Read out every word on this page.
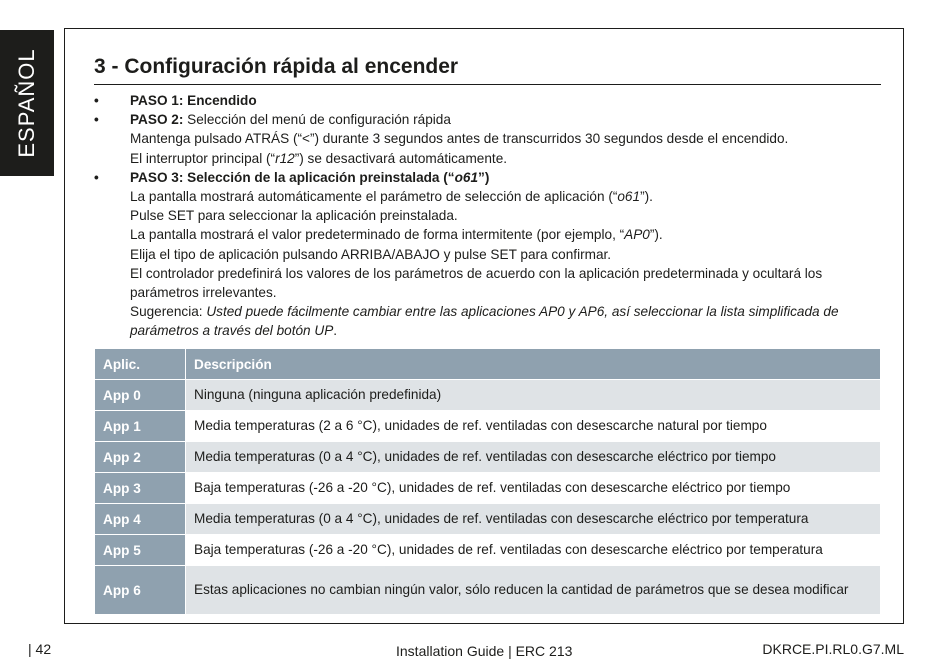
ESPAÑOL	3 - Configuración rápida al encender
• PASO 1: Encendido
• PASO 2: Selección del menú de configuración rápida
Mantenga pulsado ATRÁS (“<”) durante 3 segundos antes de transcurridos 30 segundos desde el encendido.
El interruptor principal (“r12”) se desactivará automáticamente.
• PASO 3: Selección de la aplicación preinstalada (“o61”)
La pantalla mostrará automáticamente el parámetro de selección de aplicación (“o61”).
Pulse SET para seleccionar la aplicación preinstalada.
La pantalla mostrará el valor predeterminado de forma intermitente (por ejemplo, “AP0”).
Elija el tipo de aplicación pulsando ARRIBA/ABAJO y pulse SET para confirmar.
El controlador predefinirá los valores de los parámetros de acuerdo con la aplicación predeterminada y ocultará los parámetros irrelevantes.
Sugerencia: Usted puede fácilmente cambiar entre las aplicaciones AP0 y AP6, así seleccionar la lista simplificada de parámetros a través del botón UP.
Aplic.	Descripción
App 0	Ninguna (ninguna aplicación predefinida)
App 1	Media temperaturas (2 a 6 °C), unidades de ref. ventiladas con desescarche natural por tiempo
App 2	Media temperaturas (0 a 4 °C), unidades de ref. ventiladas con desescarche eléctrico por tiempo
App 3	Baja temperaturas (-26 a -20 °C), unidades de ref. ventiladas con desescarche eléctrico por tiempo
App 4	Media temperaturas (0 a 4 °C), unidades de ref. ventiladas con desescarche eléctrico por temperatura
App 5	Baja temperaturas (-26 a -20 °C), unidades de ref. ventiladas con desescarche eléctrico por temperatura
App 6	Estas aplicaciones no cambian ningún valor, sólo reducen la cantidad de parámetros que se desea modificar
| 42	Installation Guide | ERC 213	DKRCE.PI.RL0.G7.ML
